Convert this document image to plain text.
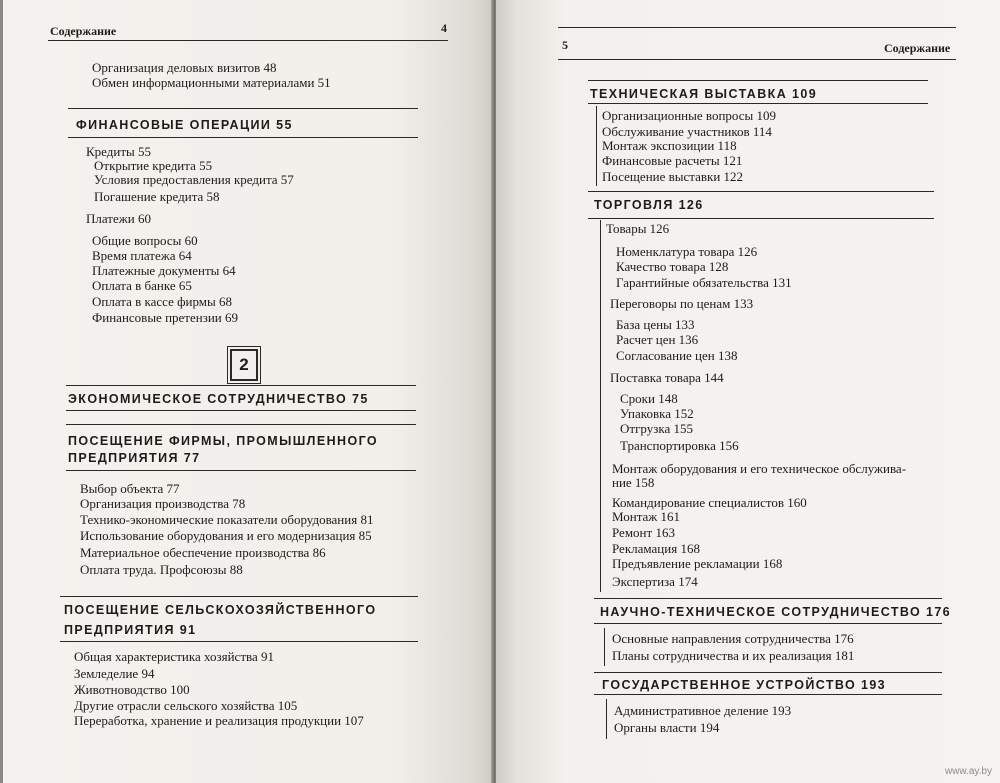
Содержание	4
Организация деловых визитов 48
Обмен информационными материалами 51
ФИНАНСОВЫЕ ОПЕРАЦИИ 55
Кредиты 55
Открытие кредита 55
Условия предоставления кредита 57
Погашение кредита 58
Платежи 60
Общие вопросы 60
Время платежа 64
Платежные документы 64
Оплата в банке 65
Оплата в кассе фирмы 68
Финансовые претензии 69
2
ЭКОНОМИЧЕСКОЕ СОТРУДНИЧЕСТВО 75
ПОСЕЩЕНИЕ ФИРМЫ, ПРОМЫШЛЕННОГО
ПРЕДПРИЯТИЯ 77
Выбор объекта 77
Организация производства 78
Технико-экономические показатели оборудования 81
Использование оборудования и его модернизация 85
Материальное обеспечение производства 86
Оплата труда. Профсоюзы 88
ПОСЕЩЕНИЕ СЕЛЬСКОХОЗЯЙСТВЕННОГО
ПРЕДПРИЯТИЯ 91
Общая характеристика хозяйства 91
Земледелие 94
Животноводство 100
Другие отрасли сельского хозяйства 105
Переработка, хранение и реализация продукции 107
5	Содержание
ТЕХНИЧЕСКАЯ ВЫСТАВКА 109
Организационные вопросы 109
Обслуживание участников 114
Монтаж экспозиции 118
Финансовые расчеты 121
Посещение выставки 122
ТОРГОВЛЯ 126
Товары 126
Номенклатура товара 126
Качество товара 128
Гарантийные обязательства 131
Переговоры по ценам 133
База цены 133
Расчет цен 136
Согласование цен 138
Поставка товара 144
Сроки 148
Упаковка 152
Отгрузка 155
Транспортировка 156
Монтаж оборудования и его техническое обслужива-
ние 158
Командирование специалистов 160
Монтаж 161
Ремонт 163
Рекламация 168
Предъявление рекламации 168
Экспертиза 174
НАУЧНО-ТЕХНИЧЕСКОЕ СОТРУДНИЧЕСТВО 176
Основные направления сотрудничества 176
Планы сотрудничества и их реализация 181
ГОСУДАРСТВЕННОЕ УСТРОЙСТВО 193
Административное деление 193
Органы власти 194
www.ay.by
